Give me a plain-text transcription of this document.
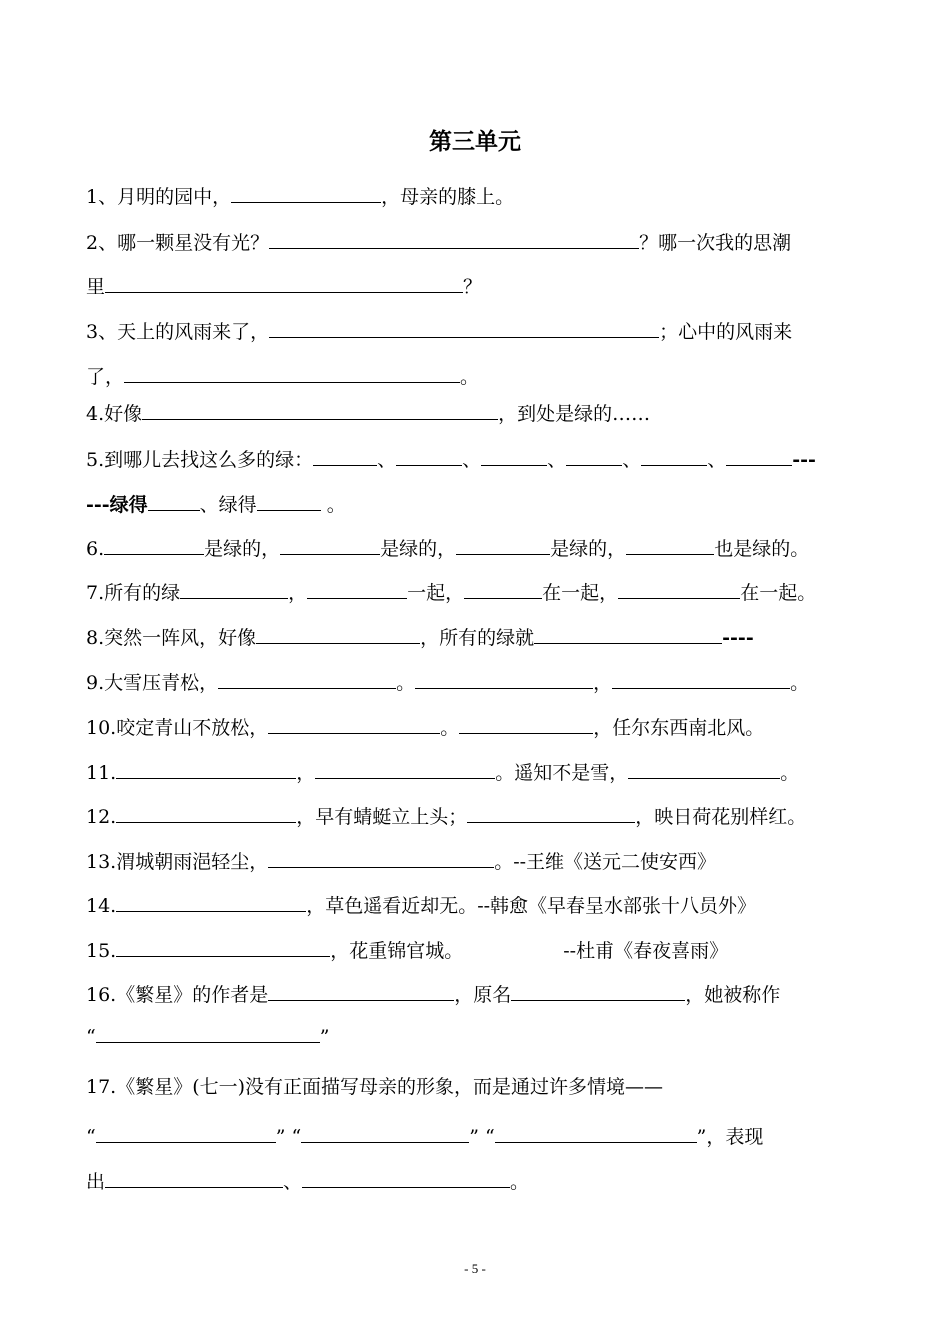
第三单元
1、月明的园中，	，母亲的膝上。
2、哪一颗星没有光？	？哪一次我的思潮
里	？
3、天上的风雨来了，	；心中的风雨来
了，	。
4.好像	，到处是绿的……
5.到哪儿去找这么多的绿：	、	、	、	、	、	---
---绿得	、绿得	。
6.	是绿的，	是绿的，	是绿的，	也是绿的。
7.所有的绿	，	一起，	在一起，	在一起。
8.突然一阵风，好像	，所有的绿就	----
9.大雪压青松，	。	，	。
10.咬定青山不放松，	。	，任尔东西南北风。
11.	，	。遥知不是雪，	。
12.	，早有蜻蜓立上头；	，映日荷花别样红。
13.渭城朝雨浥轻尘，	。--王维《送元二使安西》
14.	，草色遥看近却无。--韩愈《早春呈水部张十八员外》
15.	，花重锦官城。	--杜甫《春夜喜雨》
16.《繁星》的作者是	，原名	，她被称作
“	”
17.《繁星》(七一)没有正面描写母亲的形象，而是通过许多情境——
“	” “	” “	”，表现
出	、	。
- 5 -
